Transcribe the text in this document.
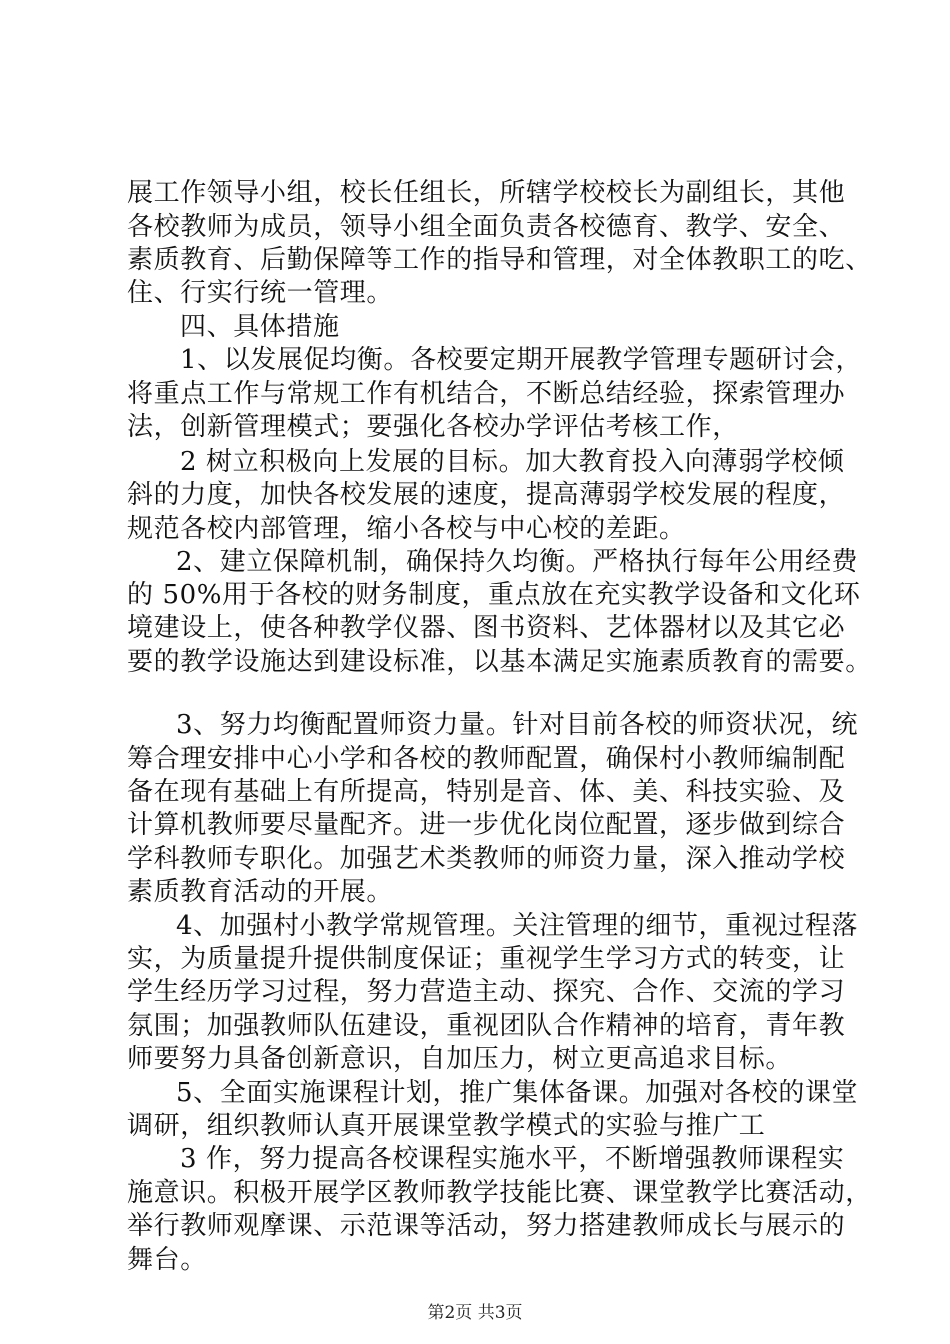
展工作领导小组，校长任组长，所辖学校校长为副组长，其他
各校教师为成员，领导小组全面负责各校德育、教学、安全、
素质教育、后勤保障等工作的指导和管理，对全体教职工的吃、
住、行实行统一管理。
四、具体措施
1、以发展促均衡。各校要定期开展教学管理专题研讨会，
将重点工作与常规工作有机结合，不断总结经验，探索管理办
法，创新管理模式；要强化各校办学评估考核工作，
2 树立积极向上发展的目标。加大教育投入向薄弱学校倾
斜的力度，加快各校发展的速度，提高薄弱学校发展的程度，
规范各校内部管理，缩小各校与中心校的差距。
2、建立保障机制，确保持久均衡。严格执行每年公用经费
的 50%用于各校的财务制度，重点放在充实教学设备和文化环
境建设上，使各种教学仪器、图书资料、艺体器材以及其它必
要的教学设施达到建设标准，以基本满足实施素质教育的需要。
3、努力均衡配置师资力量。针对目前各校的师资状况，统
筹合理安排中心小学和各校的教师配置，确保村小教师编制配
备在现有基础上有所提高，特别是音、体、美、科技实验、及
计算机教师要尽量配齐。进一步优化岗位配置，逐步做到综合
学科教师专职化。加强艺术类教师的师资力量，深入推动学校
素质教育活动的开展。
4、加强村小教学常规管理。关注管理的细节，重视过程落
实，为质量提升提供制度保证；重视学生学习方式的转变，让
学生经历学习过程，努力营造主动、探究、合作、交流的学习
氛围；加强教师队伍建设，重视团队合作精神的培育，青年教
师要努力具备创新意识，自加压力，树立更高追求目标。
5、全面实施课程计划，推广集体备课。加强对各校的课堂
调研，组织教师认真开展课堂教学模式的实验与推广工
3 作，努力提高各校课程实施水平，不断增强教师课程实
施意识。积极开展学区教师教学技能比赛、课堂教学比赛活动，
举行教师观摩课、示范课等活动，努力搭建教师成长与展示的
舞台。
第2页 共3页
